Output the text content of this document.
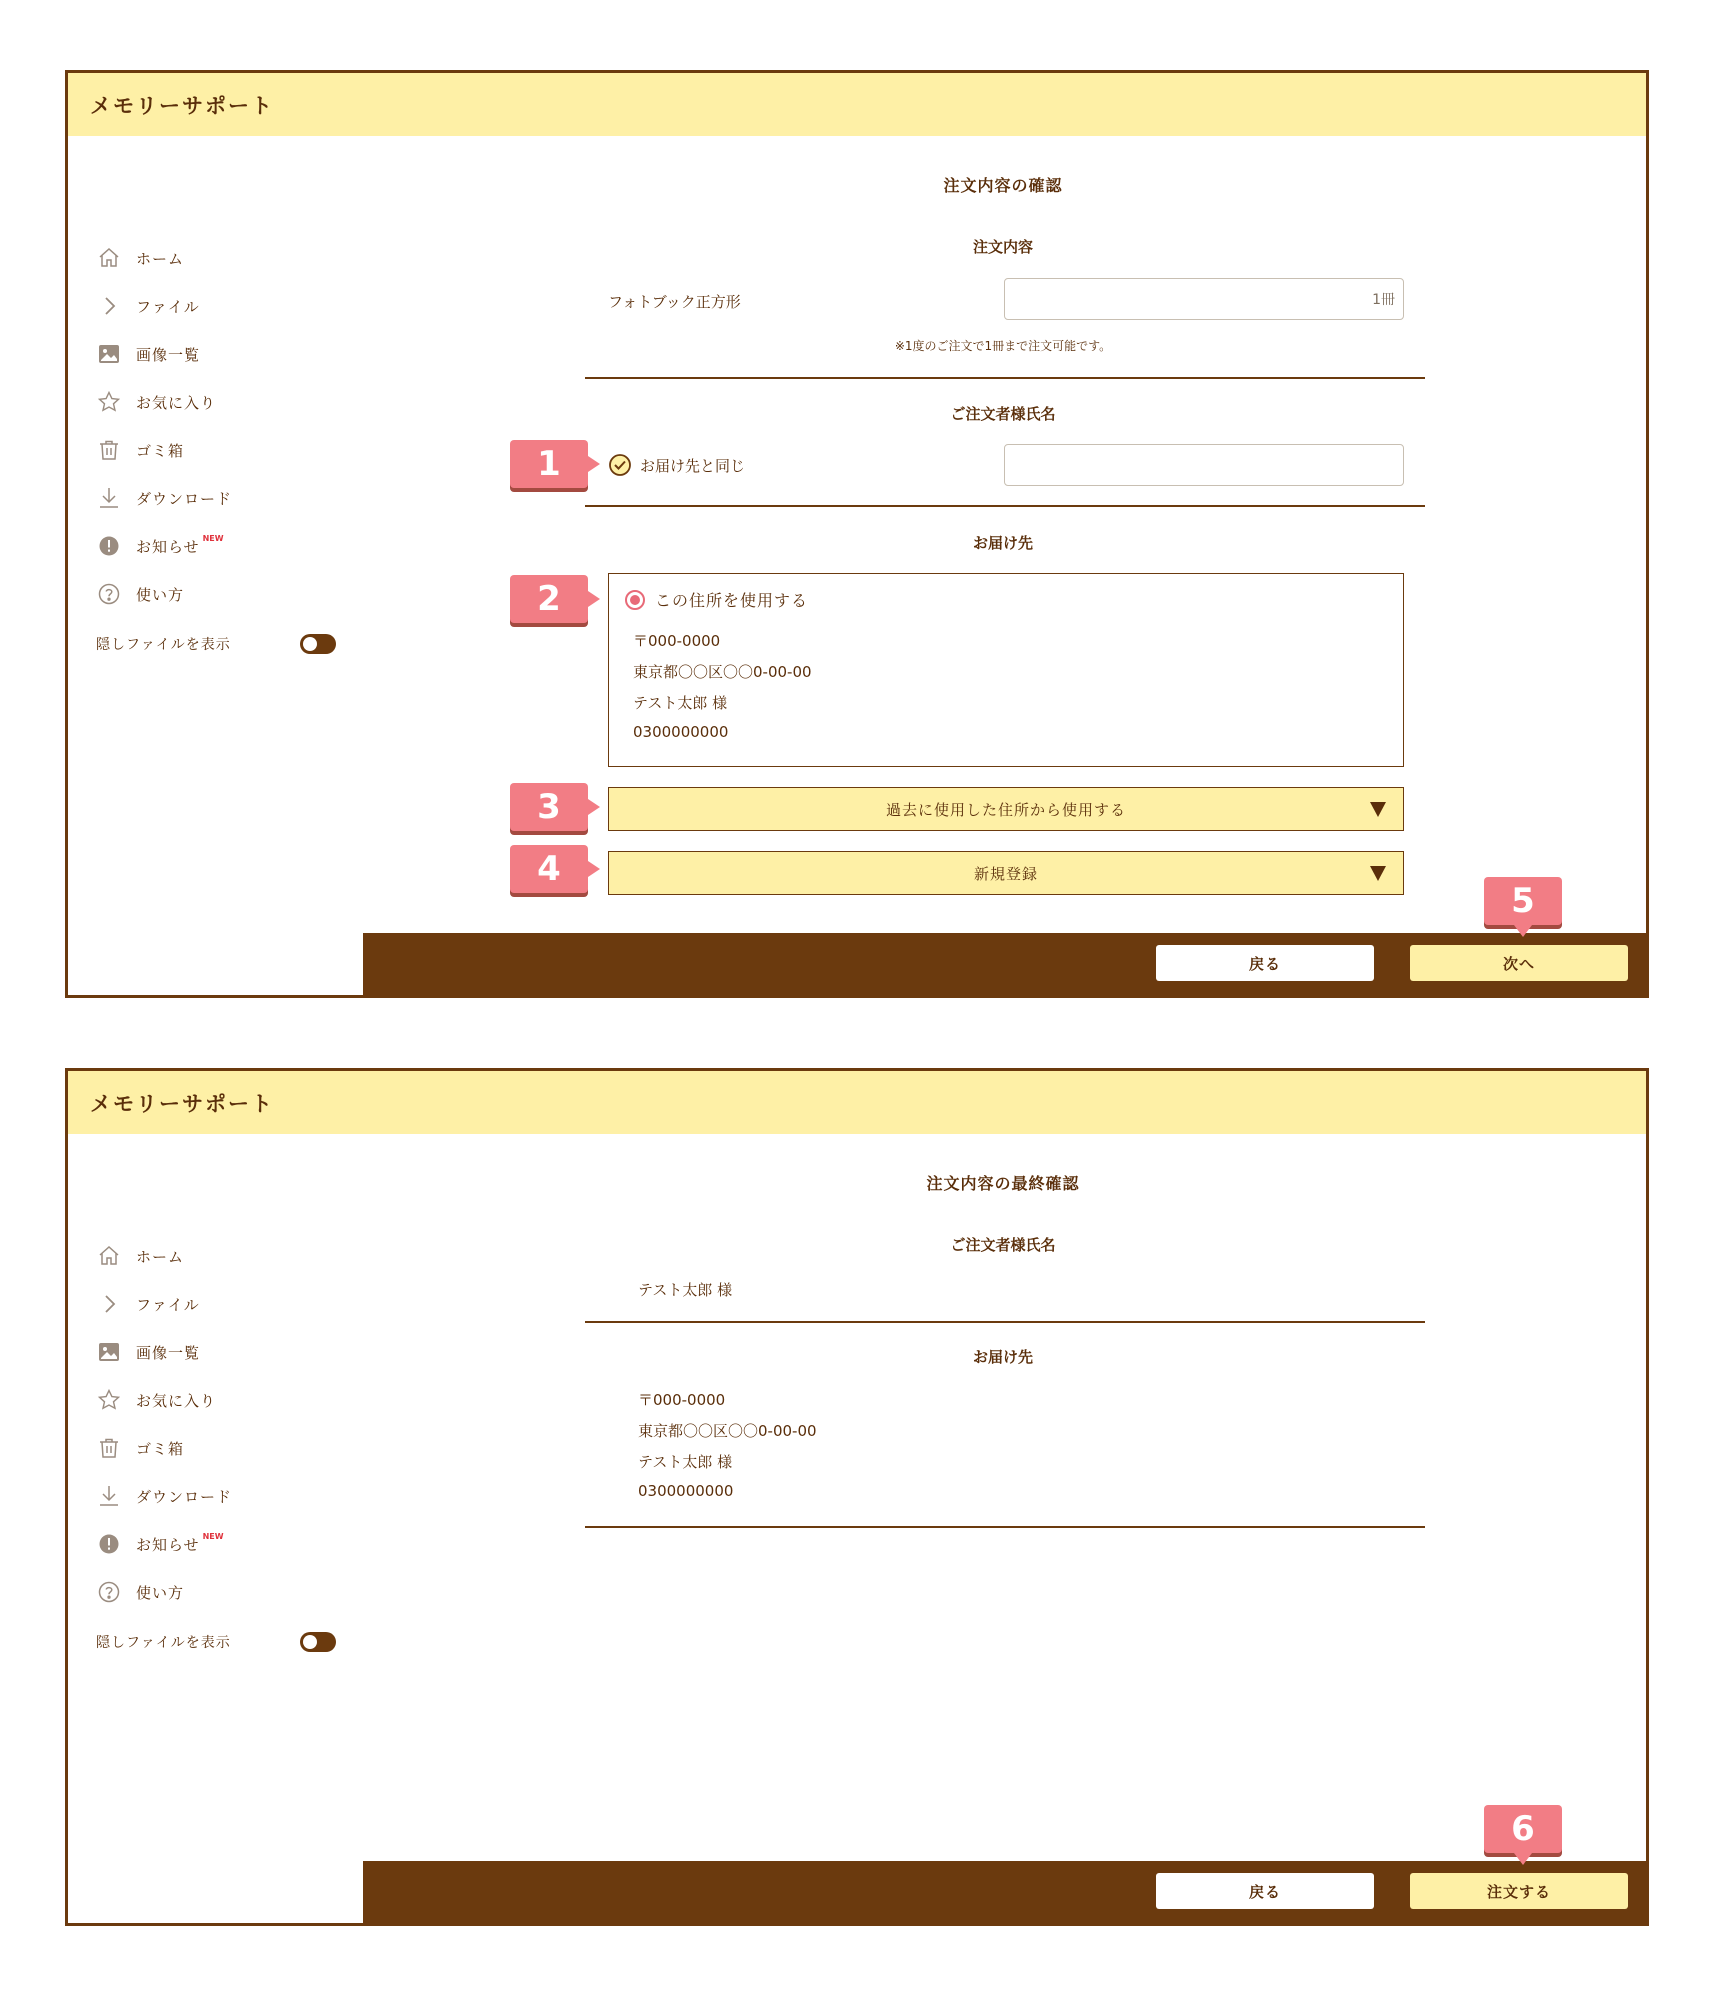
メモリーサポート
ホーム
ファイル
画像一覧
お気に入り
ゴミ箱
ダウンロード
お知らせ NEW
使い方
隠しファイルを表示
注文内容の確認
注文内容
フォトブック正方形	1冊
※1度のご注文で1冊まで注文可能です。
ご注文者様氏名
お届け先と同じ
お届け先
この住所を使用する
〒000-0000
東京都〇〇区〇〇0-00-00
テスト太郎 様
0300000000
過去に使用した住所から使用する
新規登録
戻る	次へ
1
2
3
4
5
メモリーサポート
ホーム
ファイル
画像一覧
お気に入り
ゴミ箱
ダウンロード
お知らせ NEW
使い方
隠しファイルを表示
注文内容の最終確認
ご注文者様氏名
テスト太郎 様
お届け先
〒000-0000
東京都〇〇区〇〇0-00-00
テスト太郎 様
0300000000
戻る	注文する
6
